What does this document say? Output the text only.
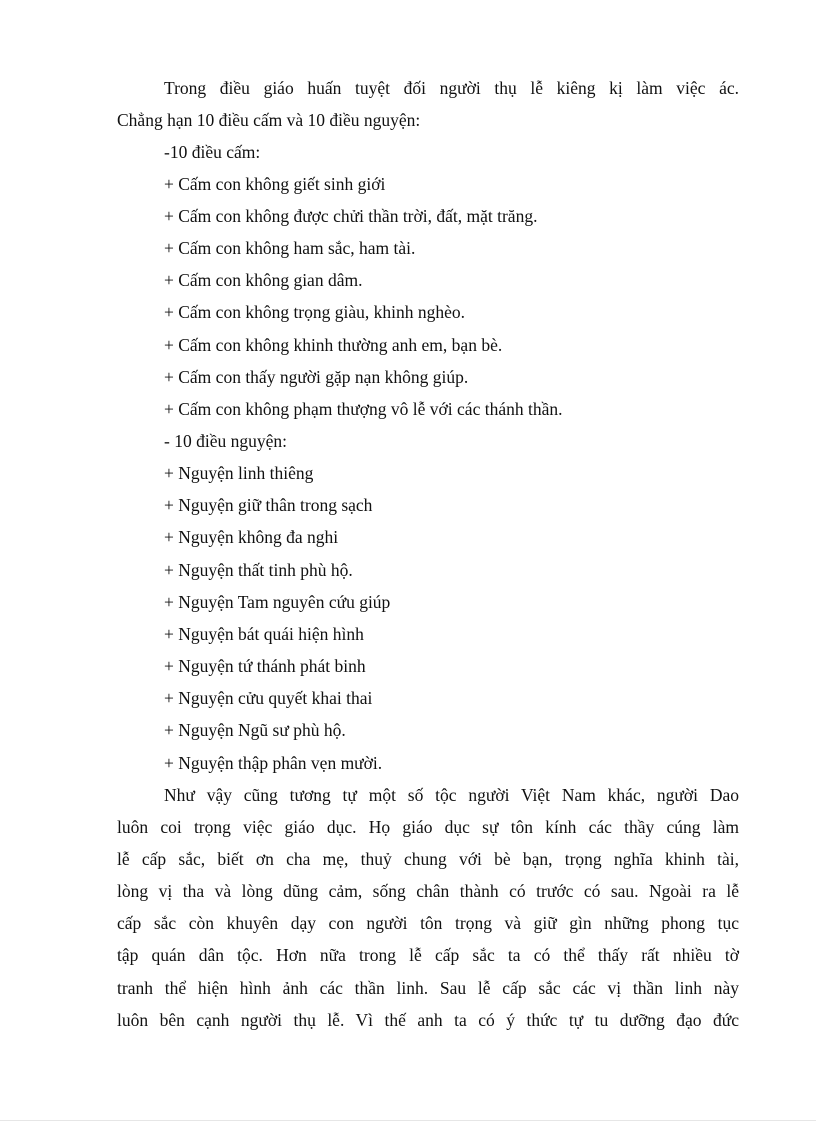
Trong điều giáo huấn tuyệt đối người thụ lễ kiêng kị làm việc ác.
Chẳng hạn 10 điều cấm và 10 điều nguyện:
-10 điều cấm:
+ Cấm con không giết sinh giới
+ Cấm con không được chửi thần trời, đất, mặt trăng.
+ Cấm con không ham sắc, ham tài.
+ Cấm con không gian dâm.
+ Cấm con không trọng giàu, khinh nghèo.
+ Cấm con không khinh thường anh em, bạn bè.
+ Cấm con thấy người gặp nạn không giúp.
+ Cấm con không phạm thượng vô lễ với các thánh thần.
- 10 điều nguyện:
+ Nguyện linh thiêng
+ Nguyện giữ thân trong sạch
+ Nguyện không đa nghi
+ Nguyện thất tinh phù hộ.
+ Nguyện Tam nguyên cứu giúp
+ Nguyện bát quái hiện hình
+ Nguyện tứ thánh phát binh
+ Nguyện cửu quyết khai thai
+ Nguyện Ngũ sư phù hộ.
+ Nguyện thập phân vẹn mười.
Như vậy cũng tương tự một số tộc người Việt Nam khác, người Dao
luôn coi trọng việc giáo dục. Họ giáo dục sự tôn kính các thầy cúng làm
lễ cấp sắc, biết ơn cha mẹ, thuỷ chung với bè bạn, trọng nghĩa khinh tài,
lòng vị tha và lòng dũng cảm, sống chân thành có trước có sau. Ngoài ra lễ
cấp sắc còn khuyên dạy con người tôn trọng và giữ gìn những phong tục
tập quán dân tộc. Hơn nữa trong lễ cấp sắc ta có thể thấy rất nhiều tờ
tranh thể hiện hình ảnh các thần linh. Sau lễ cấp sắc các vị thần linh này
luôn bên cạnh người thụ lễ. Vì thế anh ta có ý thức tự tu dưỡng đạo đức
